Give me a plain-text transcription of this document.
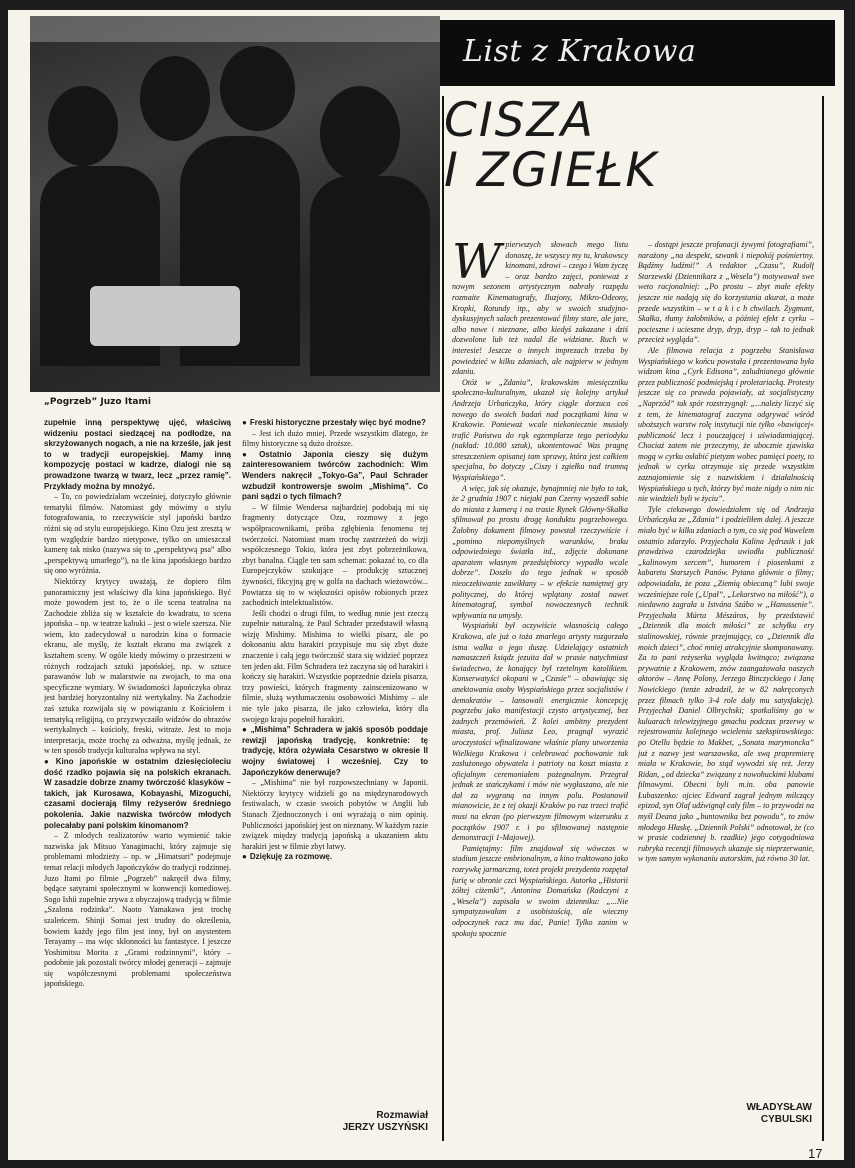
„Pogrzeb” Juzo Itami
List z Krakowa
CISZA
I ZGIEŁK

zupełnie inną perspektywę ujęć, właściwą widzeniu postaci siedzącej na podłodze, na skrzyżowanych nogach, a nie na krześle, jak jest to w tradycji europejskiej. Mamy inną kompozycję postaci w kadrze, dialogi nie są prowadzone twarzą w twarz, lecz „przez ramię”. Przykłady można by mnożyć.

– To, co powiedziałam wcześniej, dotyczyło głównie tematyki filmów. Natomiast gdy mówimy o stylu fotografowania, to rzeczywiście styl japoński bardzo różni się od stylu europejskiego. Kino Ozu jest zresztą w tym względzie bardzo nietypowe, tylko on umieszczał kamerę tak nisko (nazywa się to „perspektywą psa” albo „perspektywą umarłego”), na tle kina japońskiego bardzo się ono wyróżnia.

Niektórzy krytycy uważają, że dopiero film panoramiczny jest właściwy dla kina japońskiego. Być może powodem jest to, że o ile scena teatralna na Zachodzie zbliża się w kształcie do kwadratu, to scena japońska – np. w teatrze kabuki – jest o wiele szersza. Nie wiem, kto zadecydował u narodzin kina o formacie ekranu, ale myślę, że kształt ekranu ma związek z kształtem sceny. W ogóle kiedy mówimy o przestrzeni w różnych rodzajach sztuki japońskiej, np. w sztuce parawanów lub w malarstwie na zwojach, to ma ona specyficzne wymiary. W świadomości Japończyka obraz jest bardziej horyzontalny niż wertykalny. Na Zachodzie zaś sztuka rozwijała się w powiązaniu z Kościołem i tematyką religijną, co przyzwyczaiło widzów do obrazów wertykalnych – kościoły, freski, witraże. Jest to moja interpretacja, może trochę za odważna, myślę jednak, że w ten sposób tradycja kulturalna wpływa na styl.

● Kino japońskie w ostatnim dziesięcioleciu dość rzadko pojawia się na polskich ekranach. W zasadzie dobrze znamy twórczość klasyków – takich, jak Kurosawa, Kobayashi, Mizoguchi, czasami docierają filmy reżyserów średniego pokolenia. Jakie nazwiska twórców młodych polecałaby pani polskim kinomanom?

– Z młodych realizatorów warto wymienić takie nazwiska jak Mitsuo Yanagimachi, który zajmuje się problemami młodzieży – np. w „Himatsuri” podejmuje temat relacji młodych Japończyków do tradycji rodzinnej. Juzo Itami po filmie „Pogrzeb” nakręcił dwa filmy, będące satyrami społecznymi w konwencji komediowej. Sogo Ishii zupełnie zrywa z obyczajową tradycją w filmie „Szalona rodzinka”. Naoto Yamakawa jest trochę szaleńcem. Shinji Somai jest trudny do określenia, bowiem każdy jego film jest inny, był on asystentem Terayamy – ma więc skłonności ku fantastyce. I jeszcze Yoshimitsu Morita z „Grami rodzinnymi”, który – podobnie jak pozostali twórcy młodej generacji – zajmuje się współczesnymi problemami społeczeństwa japońskiego.

● Freski historyczne przestały więc być modne?

– Jest ich dużo mniej. Przede wszystkim dlatego, że filmy historyczne są dużo droższe.

● Ostatnio Japonia cieszy się dużym zainteresowaniem twórców zachodnich: Wim Wenders nakręcił „Tokyo-Ga”, Paul Schrader wzbudził kontrowersje swoim „Mishimą”. Co pani sądzi o tych filmach?

– W filmie Wendersa najbardziej podobają mi się fragmenty dotyczące Ozu, rozmowy z jego współpracownikami, próba zgłębienia fenomenu tej twórczości. Natomiast mam trochę zastrzeżeń do wizji współczesnego Tokio, która jest zbyt pobrzeżnikowa, zbyt banalna. Ciągle ten sam schemat: pokazać to, co dla Europejczyków szokujące – produkcję sztucznej żywności, fikcyjną grę w golfa na dachach wieżowców... Powtarza się to w większości opisów robionych przez zachodnich intelektualistów.

Jeśli chodzi o drugi film, to według mnie jest rzeczą zupełnie naturalną, że Paul Schrader przedstawił własną wizję Mishimy. Mishima to wielki pisarz, ale po dokonaniu aktu harakiri przypisuje mu się zbyt duże znaczenie i całą jego twórczość stara się widzieć poprzez ten jeden akt. Film Schradera też zaczyna się od harakiri i kończy się harakiri. Wszystkie poprzednie dzieła pisarza, trzy powieści, których fragmenty zainscenizowano w filmie, służą wytłumaczeniu osobowości Mishimy – ale nie tyle jako pisarza, ile jako człowieka, który dla swojego kraju popełnił harakiri.

● „Mishima” Schradera w jakiś sposób poddaje rewizji japońską tradycję, konkretnie: tę tradycję, która ożywiała Cesarstwo w okresie II wojny światowej i wcześniej. Czy to Japończyków denerwuje?

– „Mishima” nie był rozpowszechniany w Japonii. Niektórzy krytycy widzieli go na międzynarodowych festiwalach, w czasie swoich pobytów w Anglii lub Stanach Zjednoczonych i oni wyrażają o nim opinię. Publiczności japońskiej jest on nieznany. W każdym razie związek między tradycją japońską a ukazaniem aktu harakiri jest w filmie zbyt łatwy.

● Dziękuję za rozmowę.

Rozmawiał
JERZY USZYŃSKI

Wpierwszych słowach mego listu donoszę, że wszyscy my tu, krakowscy kinomani, zdrowi – czego i Wam życzę – oraz bardzo zajęci, ponieważ z nowym sezonem artystycznym nabrały rozpędu rozmaite Kinematografy, Iluzjony, Mikro-Odeony, Kropki, Rotundy itp., aby w swoich studyjno-dyskusyjnych salach prezentować filmy stare, ale jare, albo nowe i nieznane, albo kiedyś zakazane i dziś dozwolone lub też nadal źle widziane. Ruch w interesie! Jeszcze o innych imprezach trzeba by powiedzieć w kilku zdaniach, ale najpierw w jednym zdaniu.

Otóż w „Zdaniu”, krakowskim miesięczniku społeczno-kulturalnym, ukazał się kolejny artykuł Andrzeja Urbańczyka, który ciągle dorzuca coś nowego do swoich badań nad początkami kina w Krakowie. Ponieważ wcale niekoniecznie musiały trafić Państwu do rąk egzemplarze tego periodyku (nakład: 10.000 sztuk), ukontentować Was pragnę streszczeniem opisanej tam sprawy, która jest całkiem specjalna, bo dotyczy „Ciszy i zgiełku nad trumną Wyspiańskiego”.

A więc, jak się okazuje, bynajmniej nie było to tak, że 2 grudnia 1907 r. niejaki pan Czerny wyszedł sobie do miasta z kamerą i na trasie Rynek Główny-Skałka sfilmował po prostu drogę konduktu pogrzebowego. Żałobny dokument filmowy powstał rzeczywiście i „pomimo niepomyślnych warunków, braku odpowiedniego światła itd., zdjęcie dokonane aparatem własnym przedsiębiorcy wypadło wcale dobrze”. Doszło do tego jednak w sposób nieoczekiwanie zawikłany – w efekcie namiętnej gry politycznej, do której wplątany został nawet kinematograf, symbol nowoczesnych technik wpływania na umysły.

Wyspiański był oczywiście własnością całego Krakowa, ale już o toża zmarłego artysty rozgorzała istna walka o jego duszę. Udzielający ostatnich namaszczeń ksiądz jezuita dał w prasie natychmiast świadectwo, że konający był rzetelnym katolikiem. Konserwatyści okopani w „Czasie” – obawiając się anektowania osoby Wyspiańskiego przez socjalistów i demokratów – lansowali energicznie koncepcję pogrzebu jako manifestacji czysto artystycznej, bez żadnych przemówień. Z kolei ambitny prezydent miasta, prof. Juliusz Leo, pragnął wyrazić uroczystości wfinalizowane właśnie plany utworzenia Wielkiego Krakowa i celebrować pochowanie tak zasłużonego obywatela i patrioty na koszt miasta z oficjalnym ceremoniałem pożegnalnym. Przegrał jednak ze stańczykami i mów nie wygłaszano, ale nie dał za wygraną na innym polu. Postanowił mianowicie, że z tej okazji Kraków po raz trzeci trafić musi na ekran (po pierwszym filmowym wizerunku z początków 1907 r. i po sfilmowanej następnie demonstracji 1-Majowej).

Pamiętajmy: film znajdował się wówczas w stadium jeszcze embrionalnym, a kino traktowano jako rozrywkę jarmarczną, toteż projekt prezydenta rozpętał furię w obronie czci Wyspiańskiego. Autorka „Historii żółtej ciżemki”, Antonina Domańska (Radczyni z „Wesela”) zapisała w swoim dzienniku: „...Nie sympatyzowałam z osobistością, ale wieczny odpoczynek racz mu dać, Panie! Tylko zanim w spokoju spocznie

– dostąpi jeszcze profanacji żywymi fotografiami”, narażony „na despekt, szwank i niepokój pośmiertny. Bądźmy ludźmi!” A redaktor „Czasu”, Rudolf Starzewski (Dziennikarz z „Wesela”) motywował swe weto racjonalniej: „Po prostu – zbyt małe efekty jeszcze nie nadają się do korzystania akurat, a może przede wszystkim – w t a k i c h chwilach. Zygmunt, Skałka, tłumy żałobników, a później efekt z cyrku – pocieszne i ucieszne dryp, dryp, dryp – tak to jednak przecież wygląda”.

Ale filmowa relacja z pogrzebu Stanisława Wyspiańskiego w końcu powstała i prezentowana była widzom kina „Cyrk Edisona”, zaludnianego głównie przez publiczność podmiejską i proletariacką. Protesty jeszcze się co prawda pojawiały, aż socjalistyczny „Naprzód” tak spór rozstrzygnął: „...należy liczyć się z tem, że kinematograf zaczyna odgrywać wśród uboższych warstw rolę instytucji nie tylko »bawiącej« publiczność lecz i pouczającej i uświadamiającej. Chociaż zatem nie przeczymy, że ubocznie zjawiska mogą w cyrku osłabić pietyzm wobec pamięci poety, to jednak w cyrku otrzymuje się przede wszystkim zaznajomienie się z nazwiskiem i działalnością Wyspiańskiego u tych, którzy być może nigdy o nim nic nie wiedzieli byli w życiu”.

Tyle ciekawego dowiedziałem się od Andrzeja Urbańczyka ze „Zdania” i podzieliłem dalej. A jeszcze miało być w kilku zdaniach o tym, co się pod Wawelem ostatnio zdarzyło. Przyjechała Kalina Jędrusik i jak prawdziwa czarodziejka uwiodła publiczność „kalinowym sercem”, humorem i piosenkami z kabaretu Starszych Panów. Pytano głównie o filmy; odpowiadała, że poza „Ziemią obiecaną” lubi swoje wcześniejsze role („Upał”, „Lekarstwo na miłość”), a niedawno zagrała u Istvána Szábo w „Hanussenie”. Przyjechała Márta Mészáros, by przedstawić „Dziennik dla moich miłości” ze schyłku ery stalinowskiej, równie przejmujący, co „Dziennik dla moich dzieci”, choć mniej atrakcyjnie skomponowany. Za to pani reżyserka wygląda kwitnąco; związana prywatnie z Krakowem, znów zaangażowała naszych aktorów – Annę Polony, Jerzego Binczyckiego i Janę Nowickiego (tenże zdradził, że w 82 nakręconych przez filmach tylko 3-4 role dały mu satysfakcję). Przyjechał Daniel Olbrychski; spotkaliśmy go w kuluarach telewizyjnego gmachu podczas przerwy w rejestrowaniu kolejnego wcielenia szekspirowskiego: po Otellu będzie to Makbet, „Sonata marymoncka” już z nazwy jest warszawska, ale swą prapremierę miała w Krakowie, bo stąd wywodzi się reż. Jerzy Ridan, „od dziecka” związany z nowohuckimi klubami filmowymi. Obecni byli m.in. oba panowie Łubaszenko: ojciec Edward zagrał jednym milczący epizod, syn Olaf udźwignął cały film – to przywodzi na myśl Deana jako „buntownika bez powodu”, to znów młodego Hłaskę. „Dziennik Polski” odnotował, że (co w prasie codziennej b. rzadkie) jego cotygodniowa rubryka recenzji filmowych ukazuje się nieprzerwanie, w tym samym wykonaniu autorskim, już równo 30 lat.

WŁADYSŁAW
CYBULSKI
17
